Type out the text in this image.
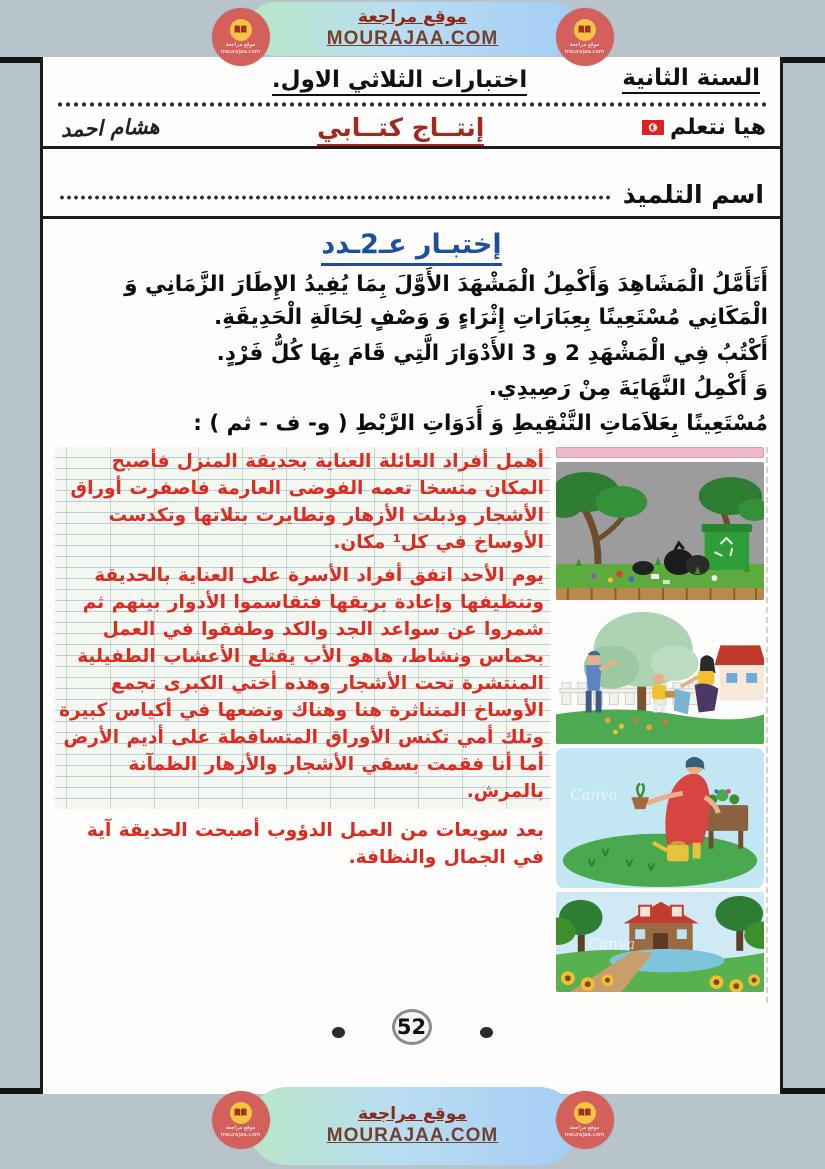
السنة الثانية
اختبارات الثلاثي الاول.
هيا نتعلم
إنتــاج كتــابي
هشام احمد
اسم التلميذ
إختبـار عـ2ـدد

أَتَأَمَّلُ الْمَشَاهِدَ وَأَكْمِلُ الْمَشْهَدَ الأَوَّلَ بِمَا يُفِيدُ الإِطَارَ الزَّمَانِي وَ الْمَكَانِي مُسْتَعِينًا بِعِبَارَاتِ إِثْرَاءٍ وَ وَصْفٍ لِحَالَةِ الْحَدِيقَةِ.

أَكْتُبُ فِي الْمَشْهَدِ 2 و 3 الأَدْوَارَ الَّتِي قَامَ بِهَا كُلُّ فَرْدٍ.

وَ أَكْمِلُ النَّهَايَةَ مِنْ رَصِيدِي.

مُسْتَعِينًا بِعَلاَمَاتِ التَّنْقِيطِ وَ أَدَوَاتِ الرَّبْطِ ( و- ف - ثم ) :

Canva
Canva

أهمل أفراد العائلة العناية بحديقة المنزل فأصبح المكان متسخا تعمه الفوضى العارمة فاصفرت أوراق الأشجار وذبلت الأزهار وتطايرت بتلاتها وتكدست الأوساخ في كل¹ مكان.

يوم الأحد اتفق أفراد الأسرة على العناية بالحديقة وتنظيفها وإعادة بريقها فتقاسموا الأدوار بينهم ثم شمروا عن سواعد الجد والكد وطفقوا في العمل بحماس ونشاط، هاهو الأب يقتلع الأعشاب الطفيلية المنتشرة تحت الأشجار وهذه أختي الكبرى تجمع الأوساخ المتناثرة هنا وهناك وتضعها في أكياس كبيرة وتلك أمي تكنس الأوراق المتساقطة على أديم الأرض أما أنا فقمت بسقي الأشجار والأزهار الظمآنة بالمرش.

بعد سويعات من العمل الدؤوب أصبحت الحديقة آية في الجمال والنظافة.

52
موقع مراجعة
mourajaa.com
موقع مراجعة
MOURAJAA.COM	موقع مراجعة
mourajaa.com
موقع مراجعة
mourajaa.com
موقع مراجعة
MOURAJAA.COM	موقع مراجعة
mourajaa.com
